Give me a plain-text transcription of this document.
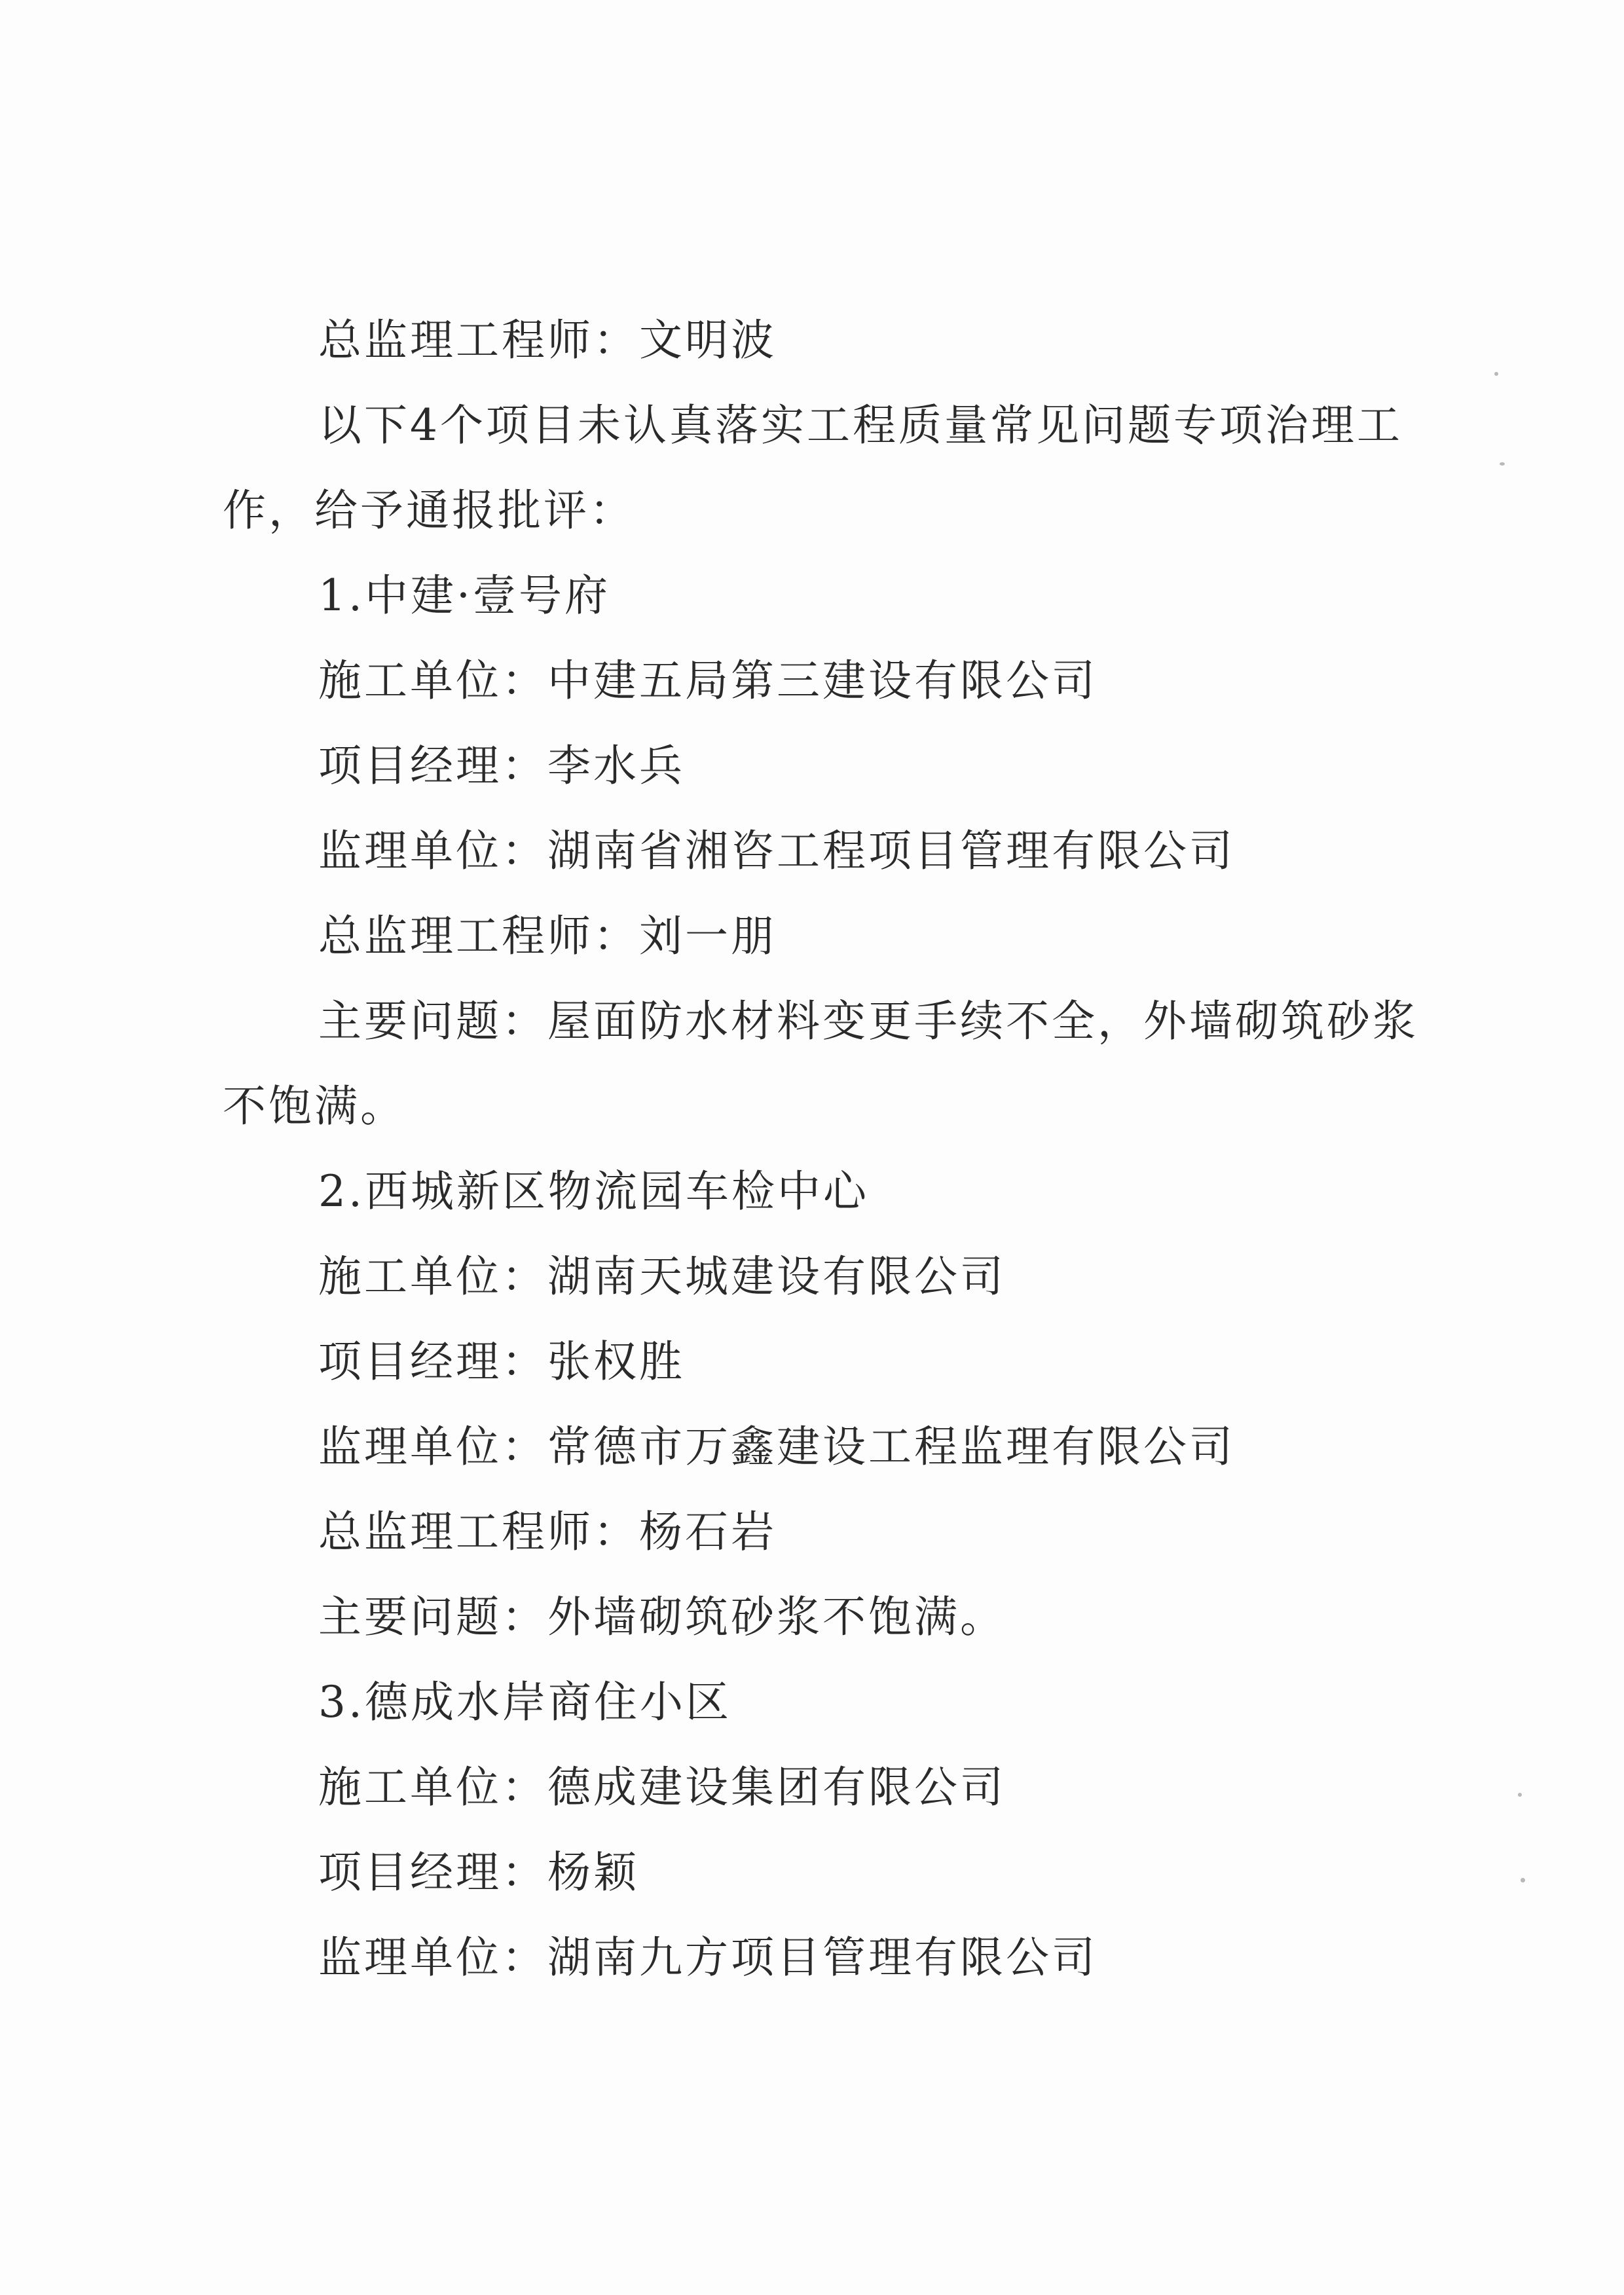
总监理工程师：文明波
以下4个项目未认真落实工程质量常见问题专项治理工
作，给予通报批评：
1.中建·壹号府
施工单位：中建五局第三建设有限公司
项目经理：李水兵
监理单位：湖南省湘咨工程项目管理有限公司
总监理工程师：刘一朋
主要问题：屋面防水材料变更手续不全，外墙砌筑砂浆
不饱满。
2.西城新区物流园车检中心
施工单位：湖南天城建设有限公司
项目经理：张权胜
监理单位：常德市万鑫建设工程监理有限公司
总监理工程师：杨石岩
主要问题：外墙砌筑砂浆不饱满。
3.德成水岸商住小区
施工单位：德成建设集团有限公司
项目经理：杨颖
监理单位：湖南九方项目管理有限公司
